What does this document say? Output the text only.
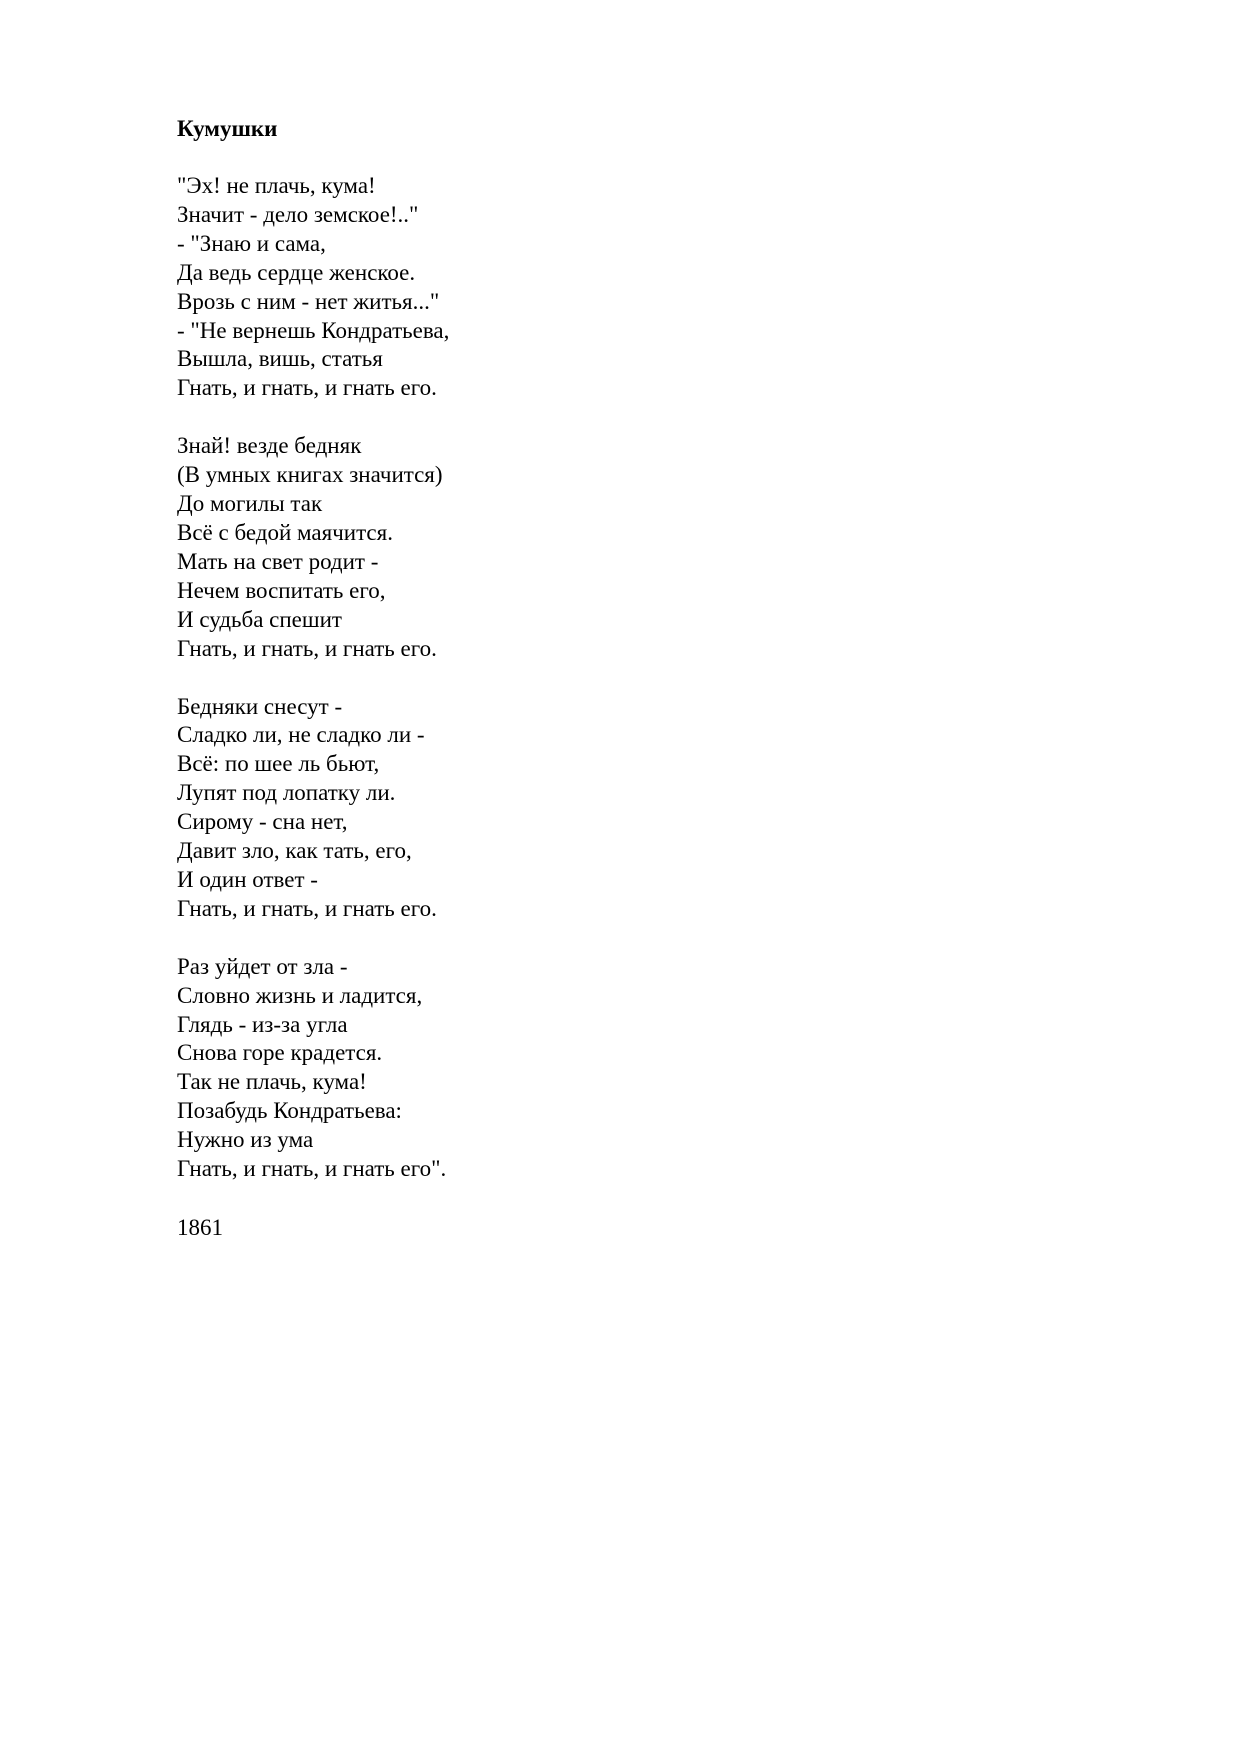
Кумушки
"Эх! не плачь, кума!
Значит - дело земское!.."
- "Знаю и сама,
Да ведь сердце женское.
Врозь с ним - нет житья..."
- "Не вернешь Кондратьева,
Вышла, вишь, статья
Гнать, и гнать, и гнать его.
Знай! везде бедняк
(В умных книгах значится)
До могилы так
Всё с бедой маячится.
Мать на свет родит -
Нечем воспитать его,
И судьба спешит
Гнать, и гнать, и гнать его.
Бедняки снесут -
Сладко ли, не сладко ли -
Всё: по шее ль бьют,
Лупят под лопатку ли.
Сирому - сна нет,
Давит зло, как тать, его,
И один ответ -
Гнать, и гнать, и гнать его.
Раз уйдет от зла -
Словно жизнь и ладится,
Глядь - из-за угла
Снова горе крадется.
Так не плачь, кума!
Позабудь Кондратьева:
Нужно из ума
Гнать, и гнать, и гнать его".
1861
